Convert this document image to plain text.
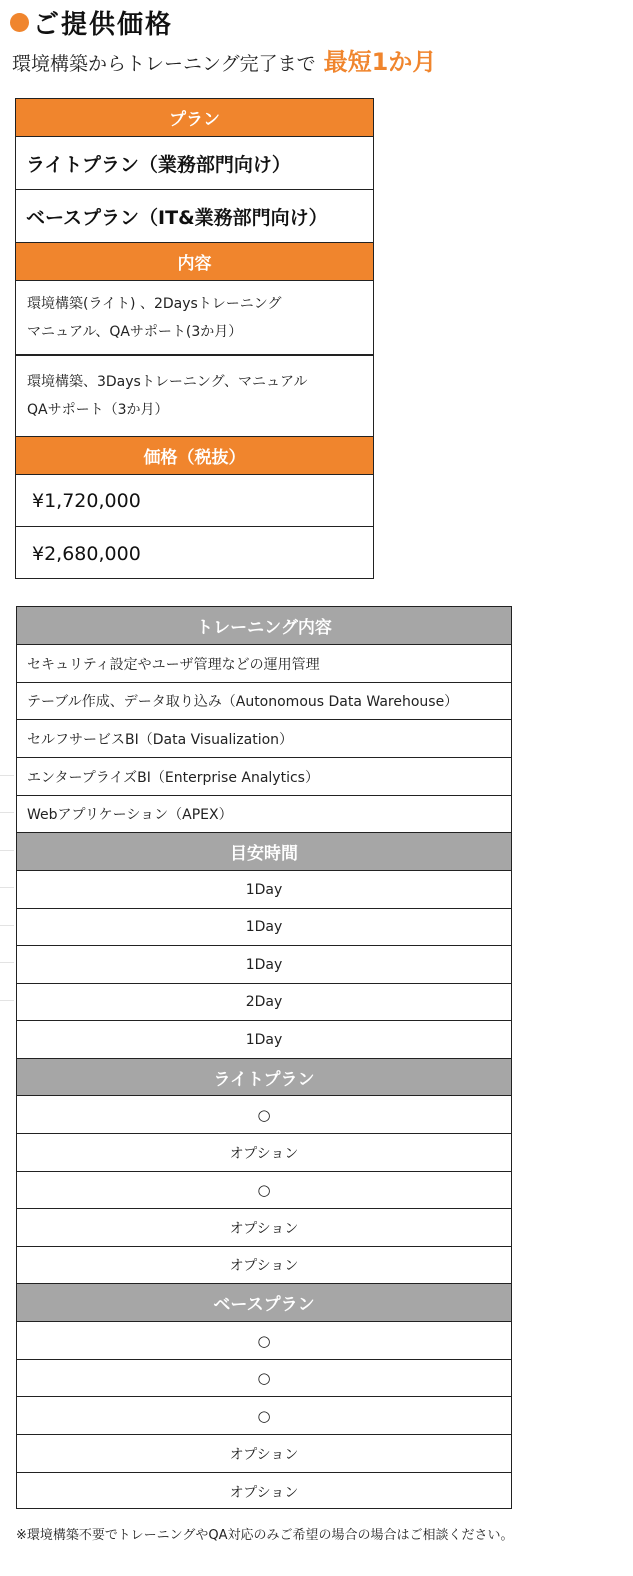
ご提供価格
環境構築からトレーニング完了まで 最短1か月
プラン
ライトプラン（業務部門向け）
ベースプラン（IT&業務部門向け）
内容
環境構築(ライト) 、2Daysトレーニング
マニュアル、QAサポート(3か月）
環境構築、3Daysトレーニング、マニュアル
QAサポート（3か月）
価格（税抜）
¥1,720,000
¥2,680,000
トレーニング内容
セキュリティ設定やユーザ管理などの運用管理
テーブル作成、データ取り込み（Autonomous Data Warehouse）
セルフサービスBI（Data Visualization）
エンタープライズBI（Enterprise Analytics）
Webアプリケーション（APEX）
目安時間
1Day
1Day
1Day
2Day
1Day
ライトプラン
○
オプション
○
オプション
オプション
ベースプラン
○
○
○
オプション
オプション
※環境構築不要でトレーニングやQA対応のみご希望の場合の場合はご相談ください。
